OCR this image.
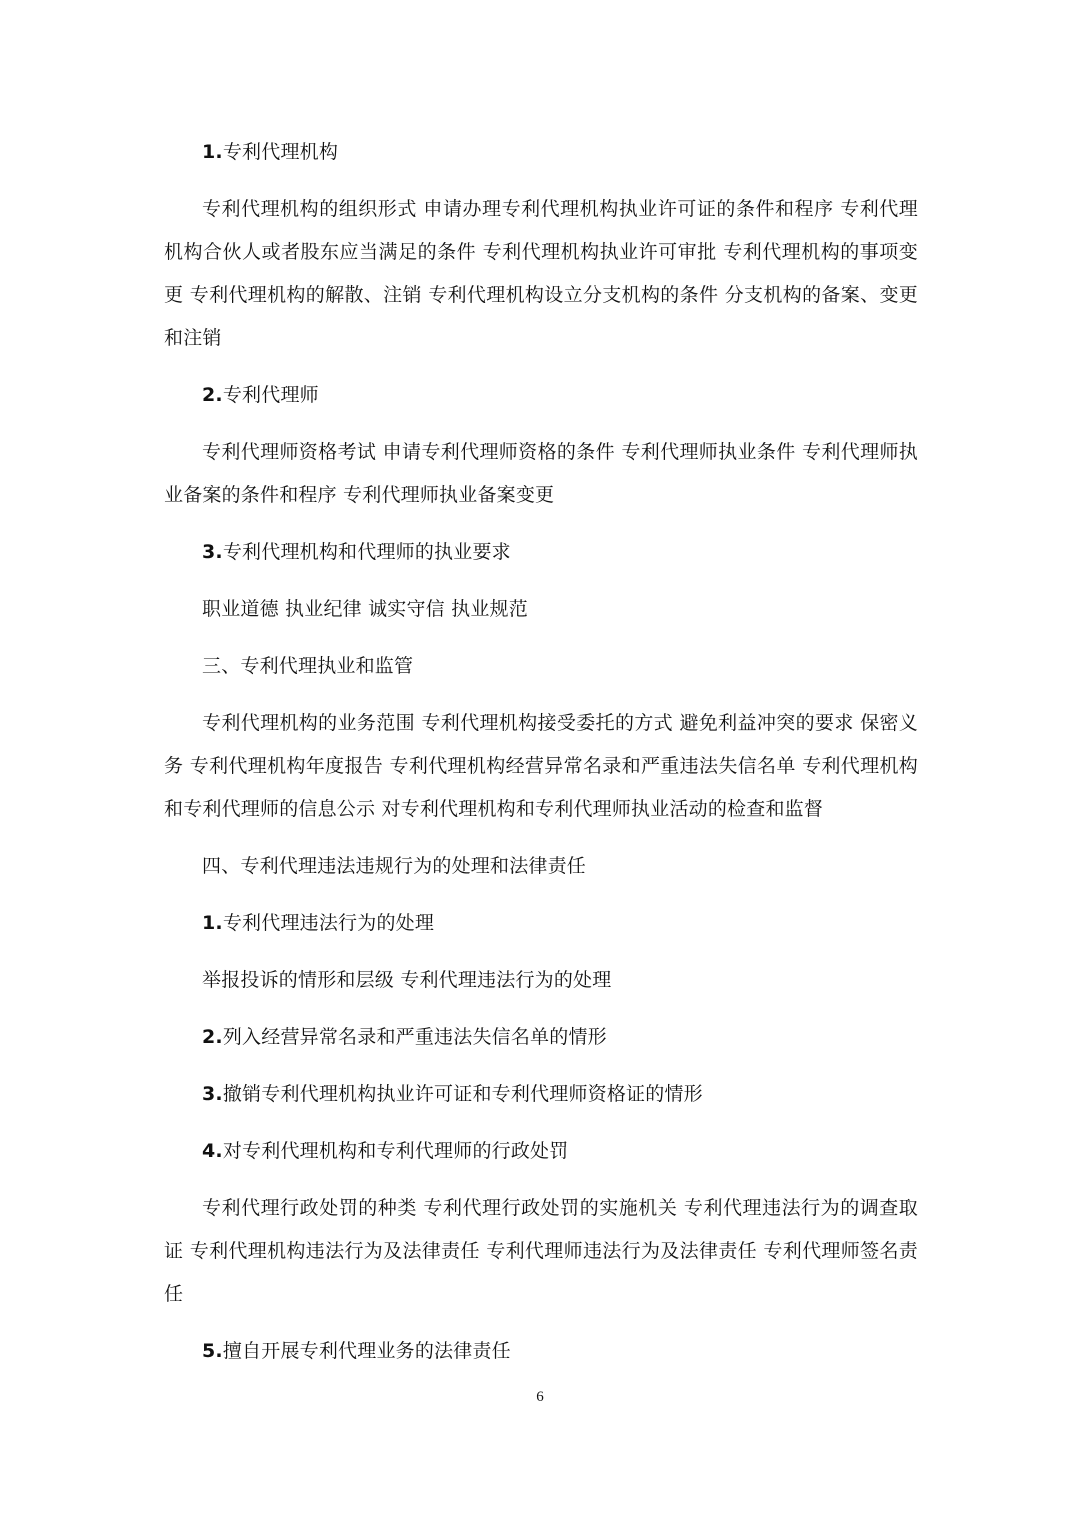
1.专利代理机构

专利代理机构的组织形式 申请办理专利代理机构执业许可证的条件和程序 专利代理机构合伙人或者股东应当满足的条件 专利代理机构执业许可审批 专利代理机构的事项变更 专利代理机构的解散、注销 专利代理机构设立分支机构的条件 分支机构的备案、变更和注销

2.专利代理师

专利代理师资格考试 申请专利代理师资格的条件 专利代理师执业条件 专利代理师执业备案的条件和程序 专利代理师执业备案变更

3.专利代理机构和代理师的执业要求

职业道德 执业纪律 诚实守信 执业规范

三、专利代理执业和监管

专利代理机构的业务范围 专利代理机构接受委托的方式 避免利益冲突的要求 保密义务 专利代理机构年度报告 专利代理机构经营异常名录和严重违法失信名单 专利代理机构和专利代理师的信息公示 对专利代理机构和专利代理师执业活动的检查和监督

四、专利代理违法违规行为的处理和法律责任

1.专利代理违法行为的处理

举报投诉的情形和层级 专利代理违法行为的处理

2.列入经营异常名录和严重违法失信名单的情形

3.撤销专利代理机构执业许可证和专利代理师资格证的情形

4.对专利代理机构和专利代理师的行政处罚

专利代理行政处罚的种类 专利代理行政处罚的实施机关 专利代理违法行为的调查取证 专利代理机构违法行为及法律责任 专利代理师违法行为及法律责任 专利代理师签名责任

5.擅自开展专利代理业务的法律责任

6
